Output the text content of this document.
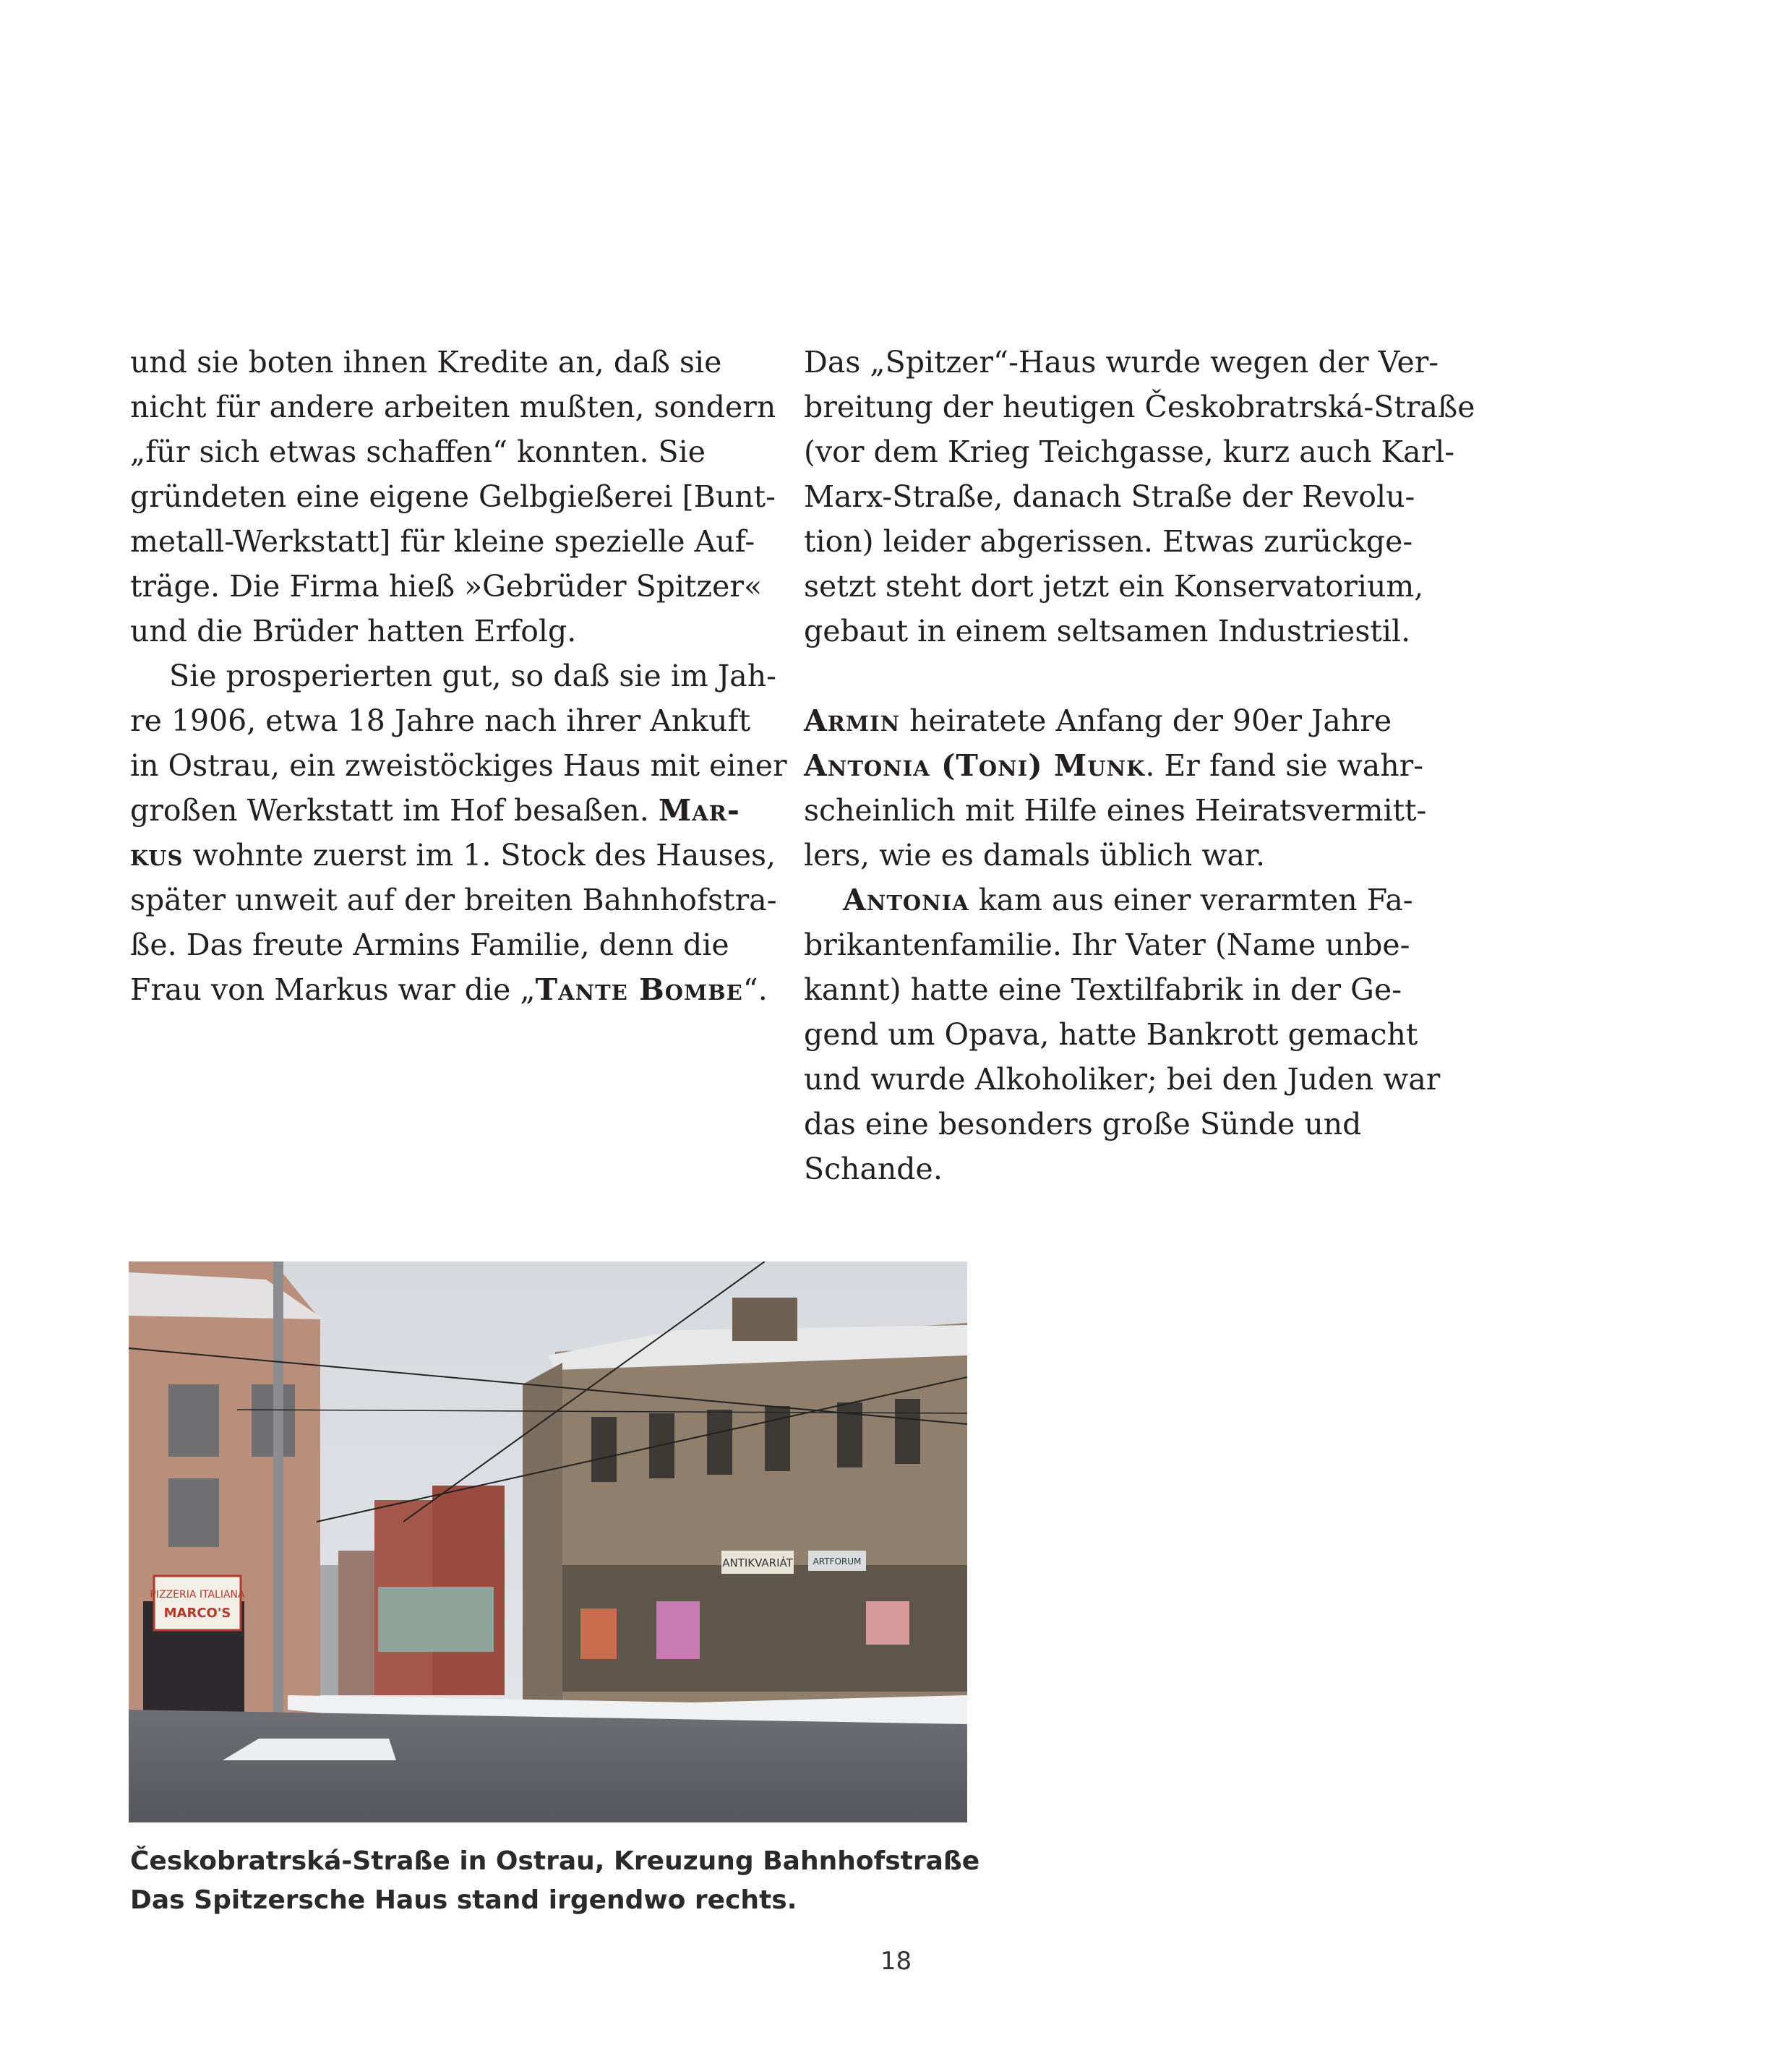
und sie boten ihnen Kredite an, daß sie
nicht für andere arbeiten mußten, sondern
„für sich etwas schaffen“ konnten. Sie
gründeten eine eigene Gelbgießerei [Bunt-
metall-Werkstatt] für kleine spezielle Auf-
träge. Die Firma hieß »Gebrüder Spitzer«
und die Brüder hatten Erfolg.
Sie prosperierten gut, so daß sie im Jah-
re 1906, etwa 18 Jahre nach ihrer Ankuft
in Ostrau, ein zweistöckiges Haus mit einer
großen Werkstatt im Hof besaßen. Mar-
kus wohnte zuerst im 1. Stock des Hauses,
später unweit auf der breiten Bahnhofstra-
ße. Das freute Armins Familie, denn die
Frau von Markus war die „Tante Bombe“.
Das „Spitzer“-Haus wurde wegen der Ver-
breitung der heutigen Českobratrská-Straße
(vor dem Krieg Teichgasse, kurz auch Karl-
Marx-Straße, danach Straße der Revolu-
tion) leider abgerissen. Etwas zurückge-
setzt steht dort jetzt ein Konservatorium,
gebaut in einem seltsamen Industriestil.
Armin heiratete Anfang der 90er Jahre
Antonia (Toni) Munk. Er fand sie wahr-
scheinlich mit Hilfe eines Heiratsvermitt-
lers, wie es damals üblich war.
Antonia kam aus einer verarmten Fa-
brikantenfamilie. Ihr Vater (Name unbe-
kannt) hatte eine Textilfabrik in der Ge-
gend um Opava, hatte Bankrott gemacht
und wurde Alkoholiker; bei den Juden war
das eine besonders große Sünde und
Schande.
PIZZERIA ITALIANA
MARCO'S
ANTIKVARIÁT ARTFORUM
Českobratrská-Straße in Ostrau, Kreuzung Bahnhofstraße
Das Spitzersche Haus stand irgendwo rechts.
18
